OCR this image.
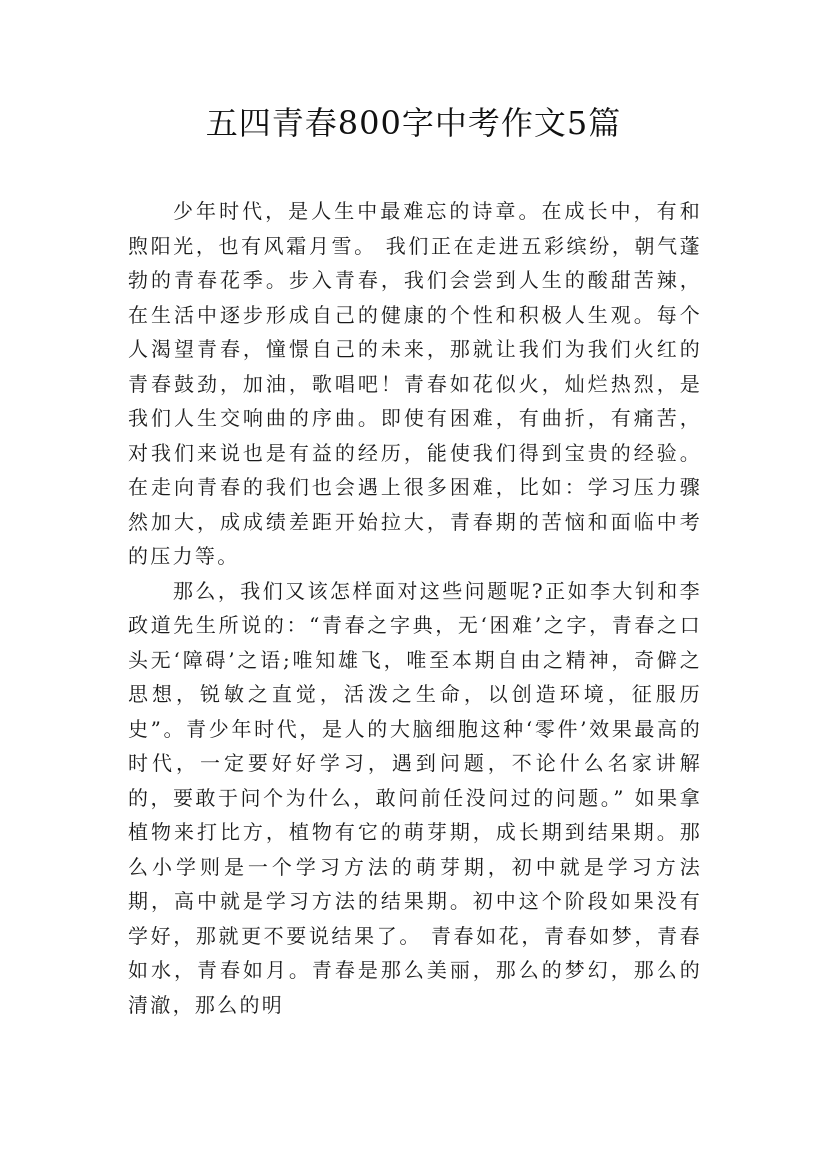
五四青春800字中考作文5篇

少年时代，是人生中最难忘的诗章。在成长中，有和煦阳光，也有风霜月雪。 我们正在走进五彩缤纷，朝气蓬勃的青春花季。步入青春，我们会尝到人生的酸甜苦辣，在生活中逐步形成自己的健康的个性和积极人生观。每个人渴望青春，憧憬自己的未来，那就让我们为我们火红的青春鼓劲，加油，歌唱吧！青春如花似火，灿烂热烈，是我们人生交响曲的序曲。即使有困难，有曲折，有痛苦，对我们来说也是有益的经历，能使我们得到宝贵的经验。 在走向青春的我们也会遇上很多困难，比如：学习压力骤然加大，成成绩差距开始拉大，青春期的苦恼和面临中考的压力等。

那么，我们又该怎样面对这些问题呢?正如李大钊和李政道先生所说的：“青春之字典，无‘困难’之字，青春之口头无‘障碍’之语;唯知雄飞，唯至本期自由之精神，奇僻之思想，锐敏之直觉，活泼之生命，以创造环境，征服历史”。青少年时代，是人的大脑细胞这种‘零件’效果最高的时代，一定要好好学习，遇到问题，不论什么名家讲解的，要敢于问个为什么，敢问前任没问过的问题。” 如果拿植物来打比方，植物有它的萌芽期，成长期到结果期。那么小学则是一个学习方法的萌芽期，初中就是学习方法期，高中就是学习方法的结果期。初中这个阶段如果没有学好，那就更不要说结果了。 青春如花，青春如梦，青春如水，青春如月。青春是那么美丽，那么的梦幻，那么的清澈，那么的明
